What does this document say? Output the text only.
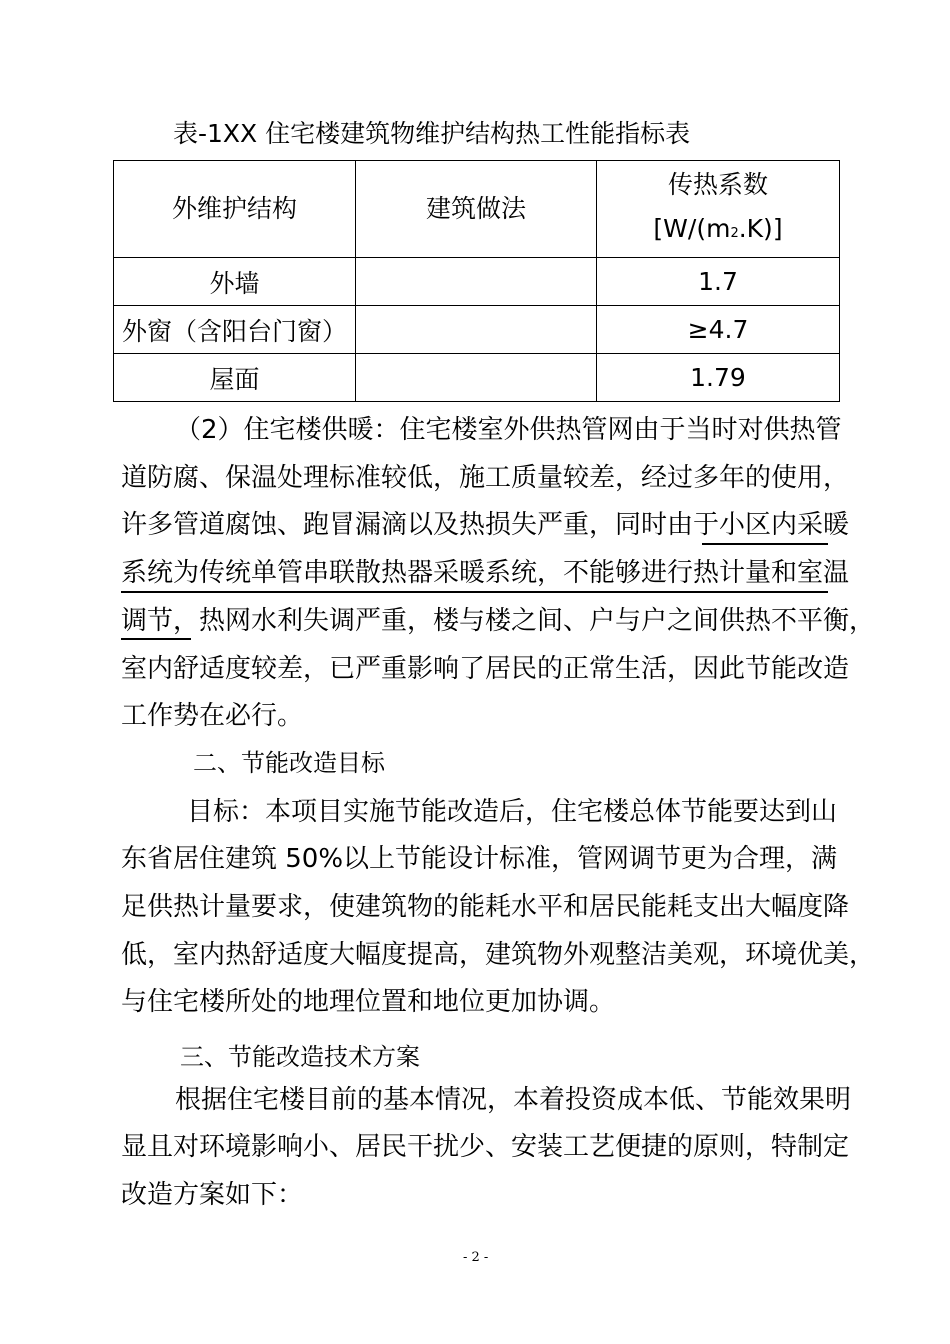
表-1XX 住宅楼建筑物维护结构热工性能指标表
外维护结构	建筑做法	传热系数
[W/(m2.K)]
外墙		1.7
外窗（含阳台门窗）		≥4.7
屋面		1.79
（2）住宅楼供暖：住宅楼室外供热管网由于当时对供热管
道防腐、保温处理标准较低，施工质量较差，经过多年的使用，
许多管道腐蚀、跑冒漏滴以及热损失严重，同时由于小区内采暖
系统为传统单管串联散热器采暖系统，不能够进行热计量和室温
调节，热网水利失调严重，楼与楼之间、户与户之间供热不平衡，
室内舒适度较差，已严重影响了居民的正常生活，因此节能改造
工作势在必行。
二、节能改造目标
目标：本项目实施节能改造后，住宅楼总体节能要达到山
东省居住建筑 50%以上节能设计标准，管网调节更为合理，满
足供热计量要求，使建筑物的能耗水平和居民能耗支出大幅度降
低，室内热舒适度大幅度提高，建筑物外观整洁美观，环境优美，
与住宅楼所处的地理位置和地位更加协调。
三、节能改造技术方案
根据住宅楼目前的基本情况，本着投资成本低、节能效果明
显且对环境影响小、居民干扰少、安装工艺便捷的原则，特制定
改造方案如下：
- 2 -
